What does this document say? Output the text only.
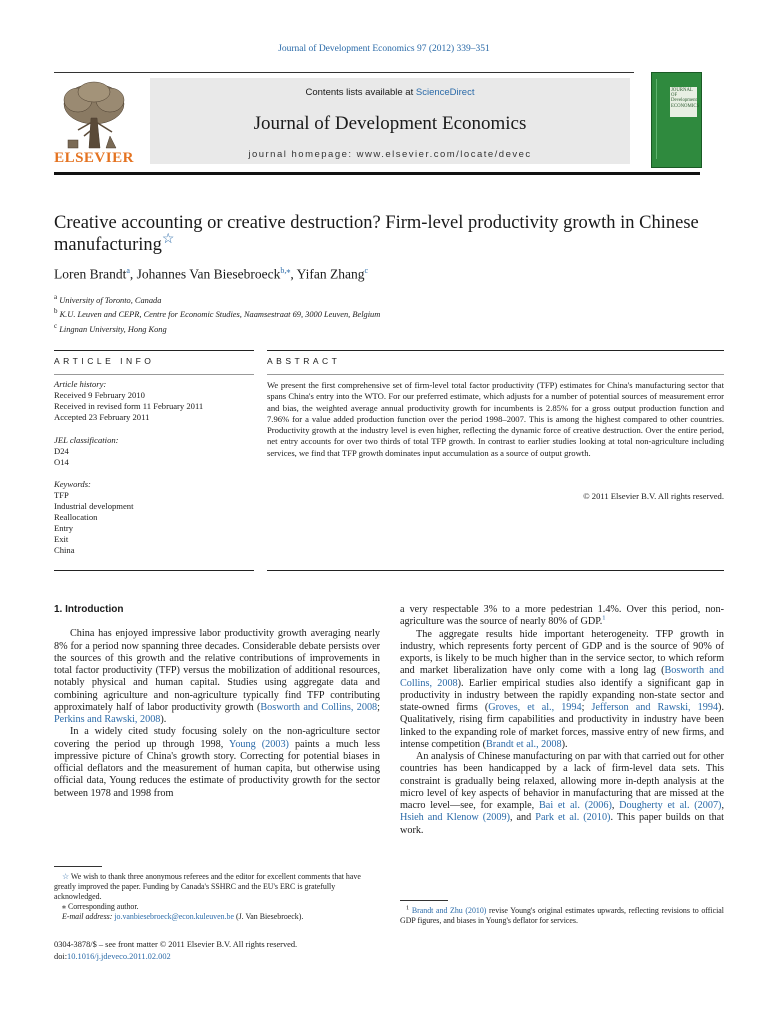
Journal of Development Economics 97 (2012) 339–351
ELSEVIER
Contents lists available at ScienceDirect
Journal of Development Economics
journal homepage: www.elsevier.com/locate/devec
JOURNAL OF Development ECONOMICS
Creative accounting or creative destruction? Firm-level productivity growth in Chinese manufacturing☆
Loren Brandt$^a$, Johannes Van Biesebroeck$^{b,⁎}$, Yifan Zhang$^c$
$^a$ University of Toronto, Canada
$^b$ K.U. Leuven and CEPR, Centre for Economic Studies, Naamsestraat 69, 3000 Leuven, Belgium
$^c$ Lingnan University, Hong Kong
ARTICLE INFO	ABSTRACT
Article history:
Received 9 February 2010
Received in revised form 11 February 2011
Accepted 23 February 2011
JEL classification:
D24
O14
Keywords:
TFP
Industrial development
Reallocation
Entry
Exit
China
We present the first comprehensive set of firm-level total factor productivity (TFP) estimates for China's manufacturing sector that spans China's entry into the WTO. For our preferred estimate, which adjusts for a number of potential sources of measurement error and bias, the weighted average annual productivity growth for incumbents is 2.85% for a gross output production function and 7.96% for a value added production function over the period 1998–2007. This is among the highest compared to other countries. Productivity growth at the industry level is even higher, reflecting the dynamic force of creative destruction. Over the entire period, net entry accounts for over two thirds of total TFP growth. In contrast to earlier studies looking at total non-agriculture including services, we find that TFP growth dominates input accumulation as a source of output growth.
© 2011 Elsevier B.V. All rights reserved.

1. Introduction

China has enjoyed impressive labor productivity growth averaging nearly 8% for a period now spanning three decades. Considerable debate persists over the sources of this growth and the relative contributions of improvements in total factor productivity (TFP) versus the mobilization of additional resources, notably physical and human capital. Studies using aggregate data and combining agriculture and non-agriculture typically find TFP contributing approximately half of labor productivity growth (Bosworth and Collins, 2008; Perkins and Rawski, 2008).

In a widely cited study focusing solely on the non-agriculture sector covering the period up through 1998, Young (2003) paints a much less impressive picture of China's growth story. Correcting for potential biases in official deflators and the measurement of human capita, but otherwise using official data, Young reduces the estimate of productivity growth for the sector between 1978 and 1998 from

☆ We wish to thank three anonymous referees and the editor for excellent comments that have greatly improved the paper. Funding by Canada's SSHRC and the EU's ERC is gratefully acknowledged.

⁎ Corresponding author.

E-mail address: jo.vanbiesebroeck@econ.kuleuven.be (J. Van Biesebroeck).

0304-3878/$ – see front matter © 2011 Elsevier B.V. All rights reserved.
doi:10.1016/j.jdeveco.2011.02.002

a very respectable 3% to a more pedestrian 1.4%. Over this period, non-agriculture was the source of nearly 80% of GDP.$^1$

The aggregate results hide important heterogeneity. TFP growth in industry, which represents forty percent of GDP and is the source of 90% of exports, is likely to be much higher than in the service sector, to which reform and market liberalization have only come with a long lag (Bosworth and Collins, 2008). Earlier empirical studies also identify a significant gap in productivity in industry between the rapidly expanding non-state sector and state-owned firms (Groves, et al., 1994; Jefferson and Rawski, 1994). Qualitatively, rising firm capabilities and productivity in industry have been linked to the expanding role of market forces, massive entry of new firms, and intense competition (Brandt et al., 2008).

An analysis of Chinese manufacturing on par with that carried out for other countries has been handicapped by a lack of firm-level data sets. This constraint is gradually being relaxed, allowing more in-depth analysis at the micro level of key aspects of behavior in manufacturing that are missed at the macro level—see, for example, Bai et al. (2006), Dougherty et al. (2007), Hsieh and Klenow (2009), and Park et al. (2010). This paper builds on that work.

$^1$ Brandt and Zhu (2010) revise Young's original estimates upwards, reflecting revisions to official GDP figures, and biases in Young's deflator for services.
